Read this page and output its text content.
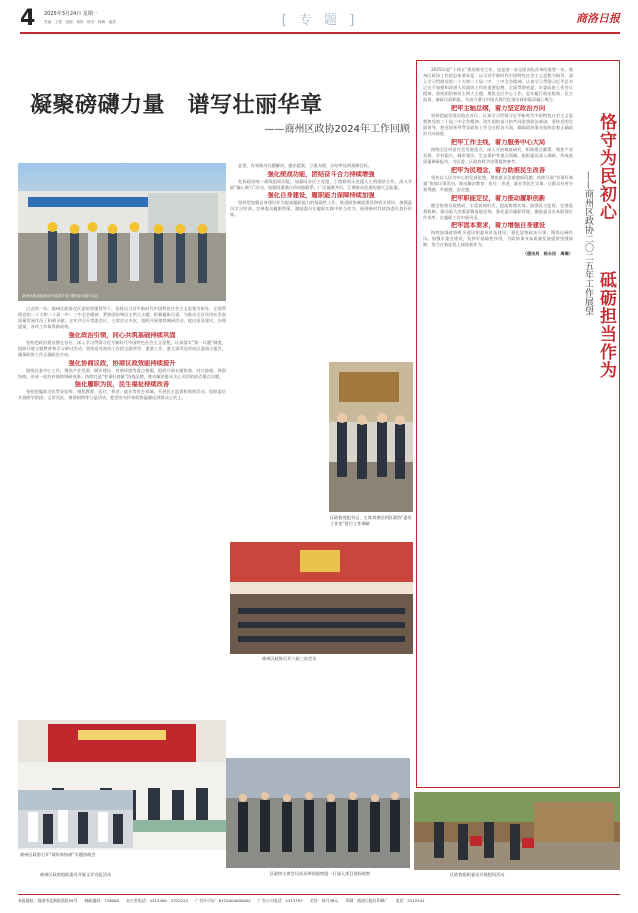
4 2025年3月24日 星期一
责编：王强　组版：杨欣　校对：韩梅　盛漾	[ 专 题 ]	商洛日报
凝聚磅礴力量　谱写壮丽华章
——商州区政协2024年工作回顾
商州区政协组织部分委员开展“请你来协商”活动

过去的一年，商州区政协在区委的坚强领导下，坚持以习近平新时代中国特色社会主义思想为指导，全面贯彻党的二十大和二十届二中、三中全会精神，紧扣团结和民主两大主题，积极履职尽责，为推动全区经济社会高质量发展作出了积极贡献。全年共召开常委会议、主席会议多次，组织开展视察调研活动，提出意见建议，办理提案，各项工作取得新成效。

强化政治引领，同心共筑基础持续巩固

坚持把政治建设摆在首位，深入学习贯彻习近平新时代中国特色社会主义思想，认真落实“第一议题”制度，组织开展主题教育和学习研讨活动。坚持党对政协工作的全面领导，重要工作、重大事项及时向区委请示报告，确保政协工作正确政治方向。

强化协商议政，协商议政效能持续提升

围绕区委中心工作，聚焦产业发展、城乡建设、营商环境等重点课题，组织开展专题协商、对口协商、界别协商，形成一批有价值的调研成果。持续打造“有事好商量”协商品牌，推动解决群众关心关切的热点难点问题。

强化履职为民，民生福祉持续改善

坚持把履职为民贯穿始终，聚焦教育、医疗、养老、就业等民生领域，开展民主监督和视察活动。组织委员开展助学助困、义诊送医、捐资捐物等公益活动，把党的关怀和政协温暖送到群众心坎上。

意见，有效推动问题解决，提出提案，立案办理，办结率达到预期目标。

强化统战功能，团结奋斗合力持续增强

发挥政协统一战线组织功能，加强同各民主党派、工商联和无党派人士的团结合作，深入开展“凝心聚力”活动。加强同港澳台侨同胞联系，广泛凝聚共识，汇聚推动发展的强大正能量。

强化自身建设，履职能力保障持续加强

坚持把加强自身建设作为提高履职能力的基础性工作，推进政协制度建设和机关建设。加强委员学习培训，完善委员履职档案，激励委员在履职实践中担当作为，展现新时代政协委员良好形象。

区政协党组书记、主席刘善民到区政协“委员工作室”进行工作调研
商州区政协召开六届三次会议
商州区政协召开“请你来协商”专题协商会
商州区政协组织委员开展义诊送医活动	区政协主席会议成员带领视察组一行深入项目现场视察	区政协组织委员开展慰问活动
恪守为民初心
砥砺担当作为
——商州区政协二〇二五年工作展望

2025年是“十四五”规划收官之年，也是进一步全面深化改革的重要一年。商州区政协工作的总体要求是：以习近平新时代中国特色社会主义思想为指导，深入学习贯彻党的二十大和二十届二中、三中全会精神，认真学习贯彻习近平总书记关于加强和改进人民政协工作的重要思想，全面贯彻省委、市委政协工作会议精神，坚持团结和民主两大主题，聚焦全区中心工作，忠实履行政治协商、民主监督、参政议政职能，为奋力谱写中国式现代化建设商州篇章凝心聚力。

把牢主轴总纲，着力坚定政治方向

坚持把政治建设放在首位，认真学习贯彻习近平新时代中国特色社会主义思想和党的二十届三中全会精神，筑牢团结奋斗的共同思想政治基础。坚持党的全面领导，把党的领导贯穿政协工作全过程各方面，确保政协事业始终沿着正确政治方向前进。

把牢工作主线，着力服务中心大局

围绕全区经济社会发展重点，深入开展调查研究，积极建言献策。聚焦产业发展、乡村振兴、城市建设、生态保护等重点领域，组织委员深入调研，形成高质量调研报告，为区委、区政府科学决策提供参考。

把牢为民理念，着力助推民生改善

坚持以人民为中心的发展思想，聚焦群众急难愁盼问题，持续开展“有事好商量”协商议事活动，推动解决教育、医疗、养老、就业等民生实事，让群众有更多获得感、幸福感、安全感。

把牢职能定位，着力推动履职创新

健全协商议政格局，丰富协商形式，提高协商实效。加强民主监督，完善监督机制，推动重大决策部署落地见效。强化委员履职管理，激励委员在本职岗位作表率、在履职工作中展风采。

把牢固本要求，着力增强自身建设

持续加强政协机关建设和委员队伍建设，强化思想政治引领，锤炼过硬作风。加强专委会建设，发挥好基础性作用，为政协事业高质量发展提供坚强保障，努力在新征程上展现新作为。

（通讯员　杨永民　周琳）
本报地址：商洛市北新街西段59号 邮政编码：726000 办公室电话：2313490　2325222 广告许可证：6125004000002 广告公司电话：2313797 定价：每月36元 印刷：商洛日报社印刷厂 电话：2312541
